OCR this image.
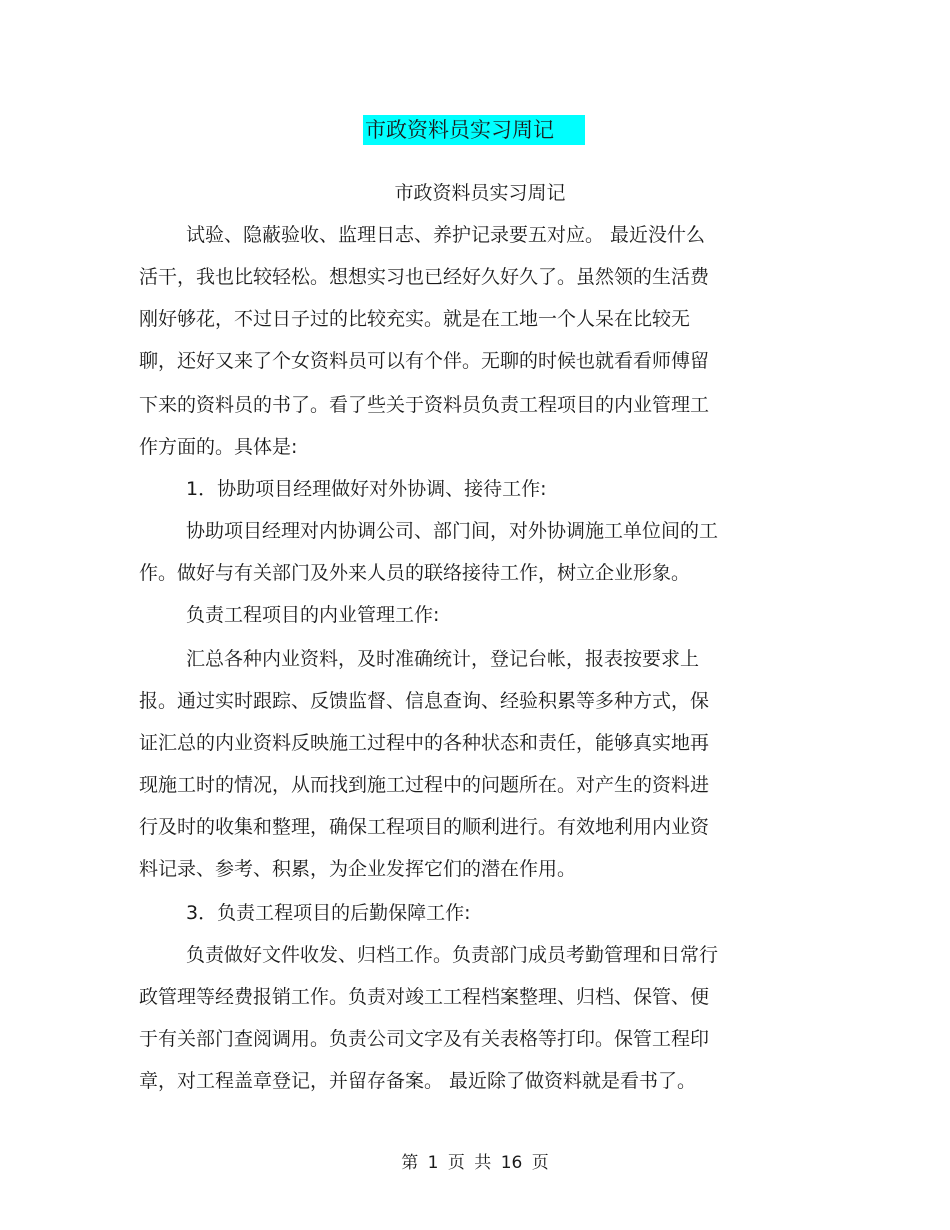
市政资料员实习周记
市政资料员实习周记
试验、隐蔽验收、监理日志、养护记录要五对应。 最近没什么
活干，我也比较轻松。想想实习也已经好久好久了。虽然领的生活费
刚好够花，不过日子过的比较充实。就是在工地一个人呆在比较无
聊，还好又来了个女资料员可以有个伴。无聊的时候也就看看师傅留
下来的资料员的书了。看了些关于资料员负责工程项目的内业管理工
作方面的。具体是:
1．协助项目经理做好对外协调、接待工作:
协助项目经理对内协调公司、部门间，对外协调施工单位间的工
作。做好与有关部门及外来人员的联络接待工作，树立企业形象。
负责工程项目的内业管理工作:
汇总各种内业资料，及时准确统计，登记台帐，报表按要求上
报。通过实时跟踪、反馈监督、信息查询、经验积累等多种方式，保
证汇总的内业资料反映施工过程中的各种状态和责任，能够真实地再
现施工时的情况，从而找到施工过程中的问题所在。对产生的资料进
行及时的收集和整理，确保工程项目的顺利进行。有效地利用内业资
料记录、参考、积累，为企业发挥它们的潜在作用。
3．负责工程项目的后勤保障工作:
负责做好文件收发、归档工作。负责部门成员考勤管理和日常行
政管理等经费报销工作。负责对竣工工程档案整理、归档、保管、便
于有关部门查阅调用。负责公司文字及有关表格等打印。保管工程印
章，对工程盖章登记，并留存备案。 最近除了做资料就是看书了。
第 1 页 共 16 页
